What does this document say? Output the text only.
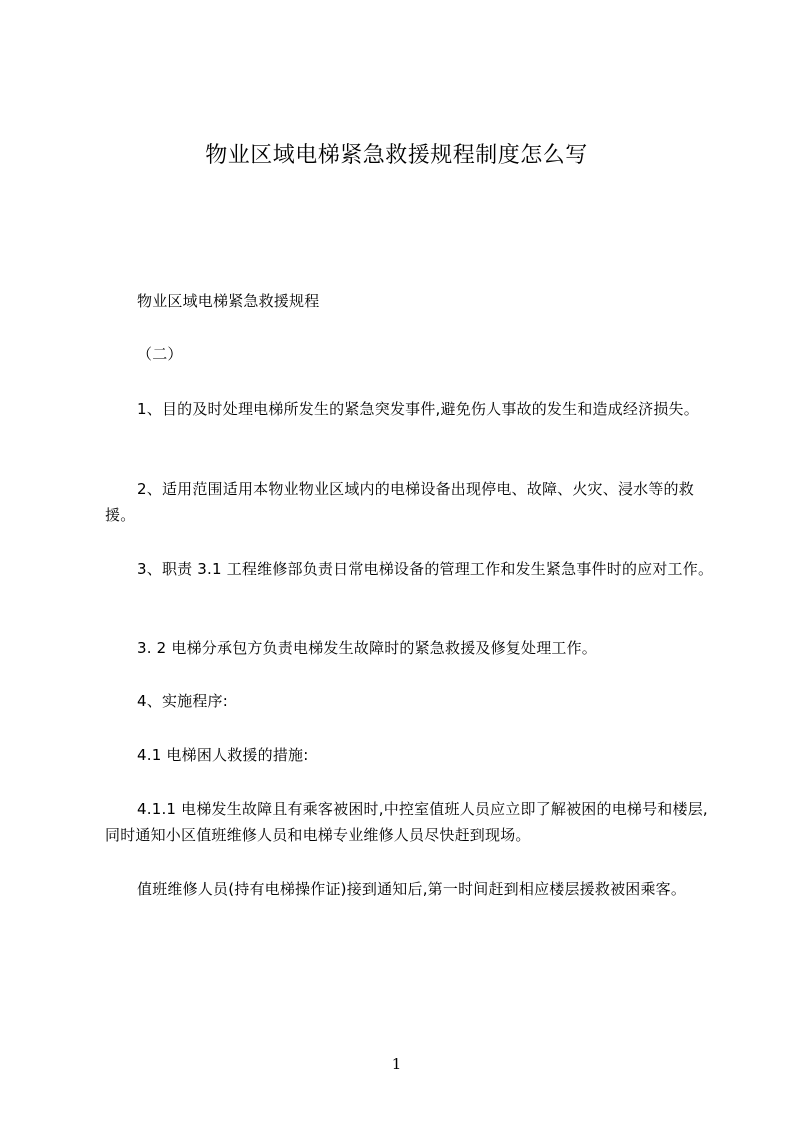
物业区域电梯紧急救援规程制度怎么写
物业区域电梯紧急救援规程
（二）
1、目的及时处理电梯所发生的紧急突发事件,避免伤人事故的发生和造成经济损失。
2、适用范围适用本物业物业区域内的电梯设备出现停电、故障、火灾、浸水等的救援。
3、职责 3.1 工程维修部负责日常电梯设备的管理工作和发生紧急事件时的应对工作。
3. 2 电梯分承包方负责电梯发生故障时的紧急救援及修复处理工作。
4、实施程序:
4.1 电梯困人救援的措施:
4.1.1 电梯发生故障且有乘客被困时,中控室值班人员应立即了解被困的电梯号和楼层,同时通知小区值班维修人员和电梯专业维修人员尽快赶到现场。
值班维修人员(持有电梯操作证)接到通知后,第一时间赶到相应楼层援救被困乘客。
1
